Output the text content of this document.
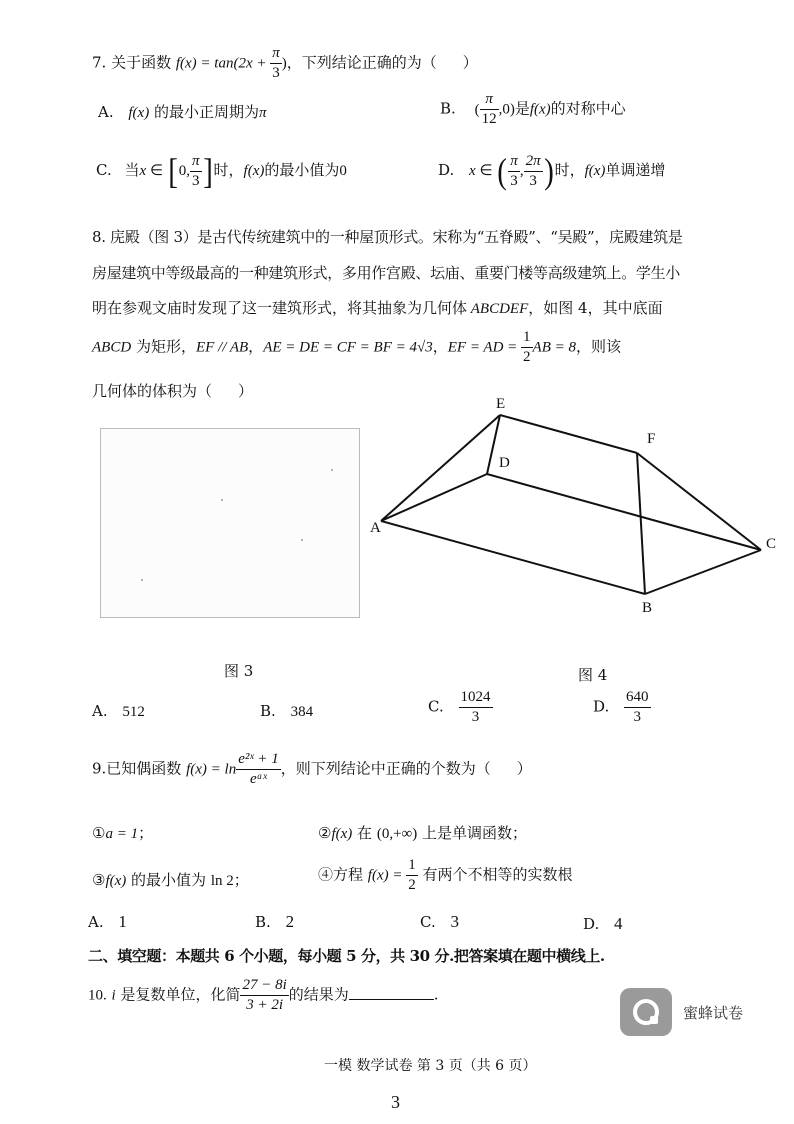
7. 关于函数 $f(x) = \tan(2x + \frac{\pi}{3}$ )，下列结论正确的为（ ）
A. f(x) 的最小正周期为π	B. ( $\frac{\pi}{12} ,0$)是f(x)的对称中心
C. 当x ∈ [0, $\frac{\pi}{3}$ ]时，f(x)的最小值为0	D. x ∈ ( $\frac{\pi}{3}$ , $\frac{2\pi}{3}$ )时，f(x)单调递增
8. 庑殿（图 3）是古代传统建筑中的一种屋顶形式。宋称为“五脊殿”、“吴殿”，庑殿建筑是
房屋建筑中等级最高的一种建筑形式，多用作宫殿、坛庙、重要门楼等高级建筑上。学生小
明在参观文庙时发现了这一建筑形式，将其抽象为几何体 ABCDEF，如图 4，其中底面
ABCD 为矩形，EF // AB，AE = DE = CF = BF = 4√3，EF = AD = $\frac{1}{2}$ AB = 8，则该
几何体的体积为（ ）
图 3
A
B
C
D
E
F
图 4
A. 512	B. 384	C. $\frac{1024}{3}$	D. $\frac{640}{3}$
9.已知偶函数 $f(x) = \ln \frac{\text{e²ˣ + 1}}{\text{eᵃˣ}}$ ，则下列结论中正确的个数为（ ）
①a = 1；	②f(x) 在 (0,+∞) 上是单调函数；
③f(x) 的最小值为 ln 2；	④方程 $f(x) = \frac{1}{2}$ 有两个不相等的实数根
A. 1	B. 2	C. 3	D. 4
二、填空题：本题共 6 个小题，每小题 5 分，共 30 分.把答案填在题中横线上.
10. i 是复数单位，化简 $\frac{27 - 8i}{3 + 2i}$ 的结果为	.
蜜蜂试卷
一模 数学试卷 第 3 页（共 6 页）
3
